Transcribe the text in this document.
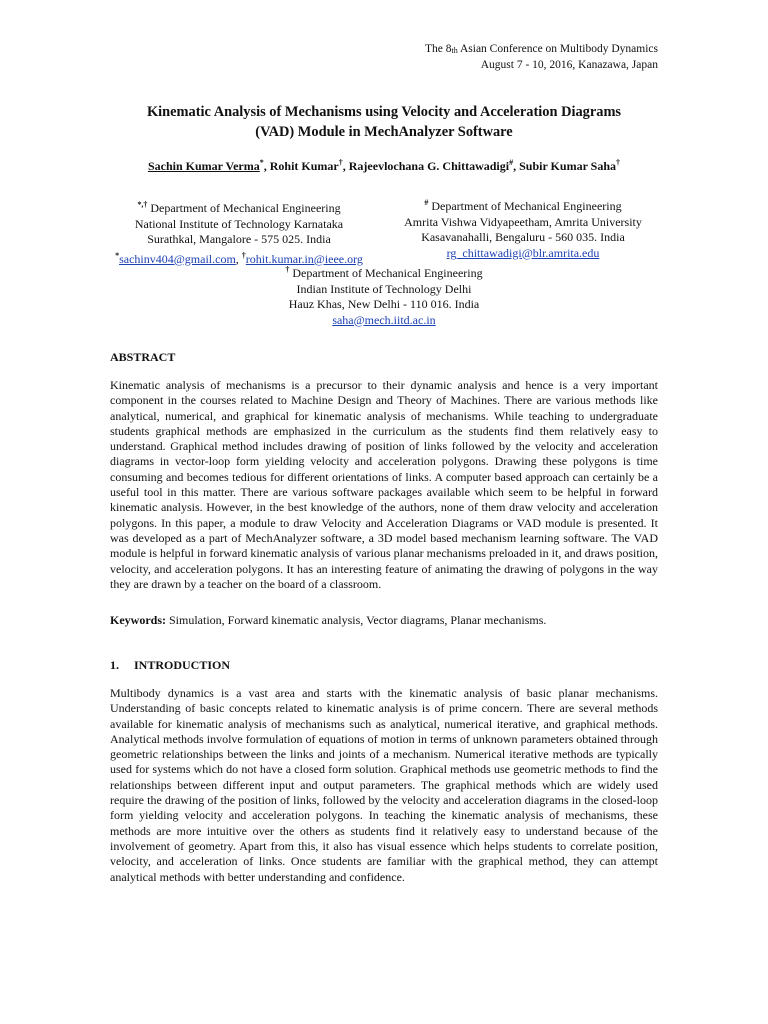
The $8_{th}$ Asian Conference on Multibody Dynamics
August 7 - 10, 2016, Kanazawa, Japan
Kinematic Analysis of Mechanisms using Velocity and Acceleration Diagrams
(VAD) Module in MechAnalyzer Software
Sachin Kumar Verma*, Rohit Kumar†, Rajeevlochana G. Chittawadigi#, Subir Kumar Saha†
*,† Department of Mechanical Engineering
National Institute of Technology Karnataka
Surathkal, Mangalore - 575 025. India
*sachinv404@gmail.com, †rohit.kumar.in@ieee.org
# Department of Mechanical Engineering
Amrita Vishwa Vidyapeetham, Amrita University
Kasavanahalli, Bengaluru - 560 035. India
rg_chittawadigi@blr.amrita.edu
† Department of Mechanical Engineering
Indian Institute of Technology Delhi
Hauz Khas, New Delhi - 110 016. India
saha@mech.iitd.ac.in
ABSTRACT
Kinematic analysis of mechanisms is a precursor to their dynamic analysis and hence is a very important component in the courses related to Machine Design and Theory of Machines. There are various methods like analytical, numerical, and graphical for kinematic analysis of mechanisms. While teaching to undergraduate students graphical methods are emphasized in the curriculum as the students find them relatively easy to understand. Graphical method includes drawing of position of links followed by the velocity and acceleration diagrams in vector-loop form yielding velocity and acceleration polygons. Drawing these polygons is time consuming and becomes tedious for different orientations of links. A computer based approach can certainly be a useful tool in this matter. There are various software packages available which seem to be helpful in forward kinematic analysis. However, in the best knowledge of the authors, none of them draw velocity and acceleration polygons. In this paper, a module to draw Velocity and Acceleration Diagrams or VAD module is presented. It was developed as a part of MechAnalyzer software, a 3D model based mechanism learning software. The VAD module is helpful in forward kinematic analysis of various planar mechanisms preloaded in it, and draws position, velocity, and acceleration polygons. It has an interesting feature of animating the drawing of polygons in the way they are drawn by a teacher on the board of a classroom.
Keywords: Simulation, Forward kinematic analysis, Vector diagrams, Planar mechanisms.
1.  INTRODUCTION
Multibody dynamics is a vast area and starts with the kinematic analysis of basic planar mechanisms. Understanding of basic concepts related to kinematic analysis is of prime concern. There are several methods available for kinematic analysis of mechanisms such as analytical, numerical iterative, and graphical methods. Analytical methods involve formulation of equations of motion in terms of unknown parameters obtained through geometric relationships between the links and joints of a mechanism. Numerical iterative methods are typically used for systems which do not have a closed form solution. Graphical methods use geometric methods to find the relationships between different input and output parameters. The graphical methods which are widely used require the drawing of the position of links, followed by the velocity and acceleration diagrams in the closed-loop form yielding velocity and acceleration polygons. In teaching the kinematic analysis of mechanisms, these methods are more intuitive over the others as students find it relatively easy to understand because of the involvement of geometry. Apart from this, it also has visual essence which helps students to correlate position, velocity, and acceleration of links. Once students are familiar with the graphical method, they can attempt analytical methods with better understanding and confidence.
